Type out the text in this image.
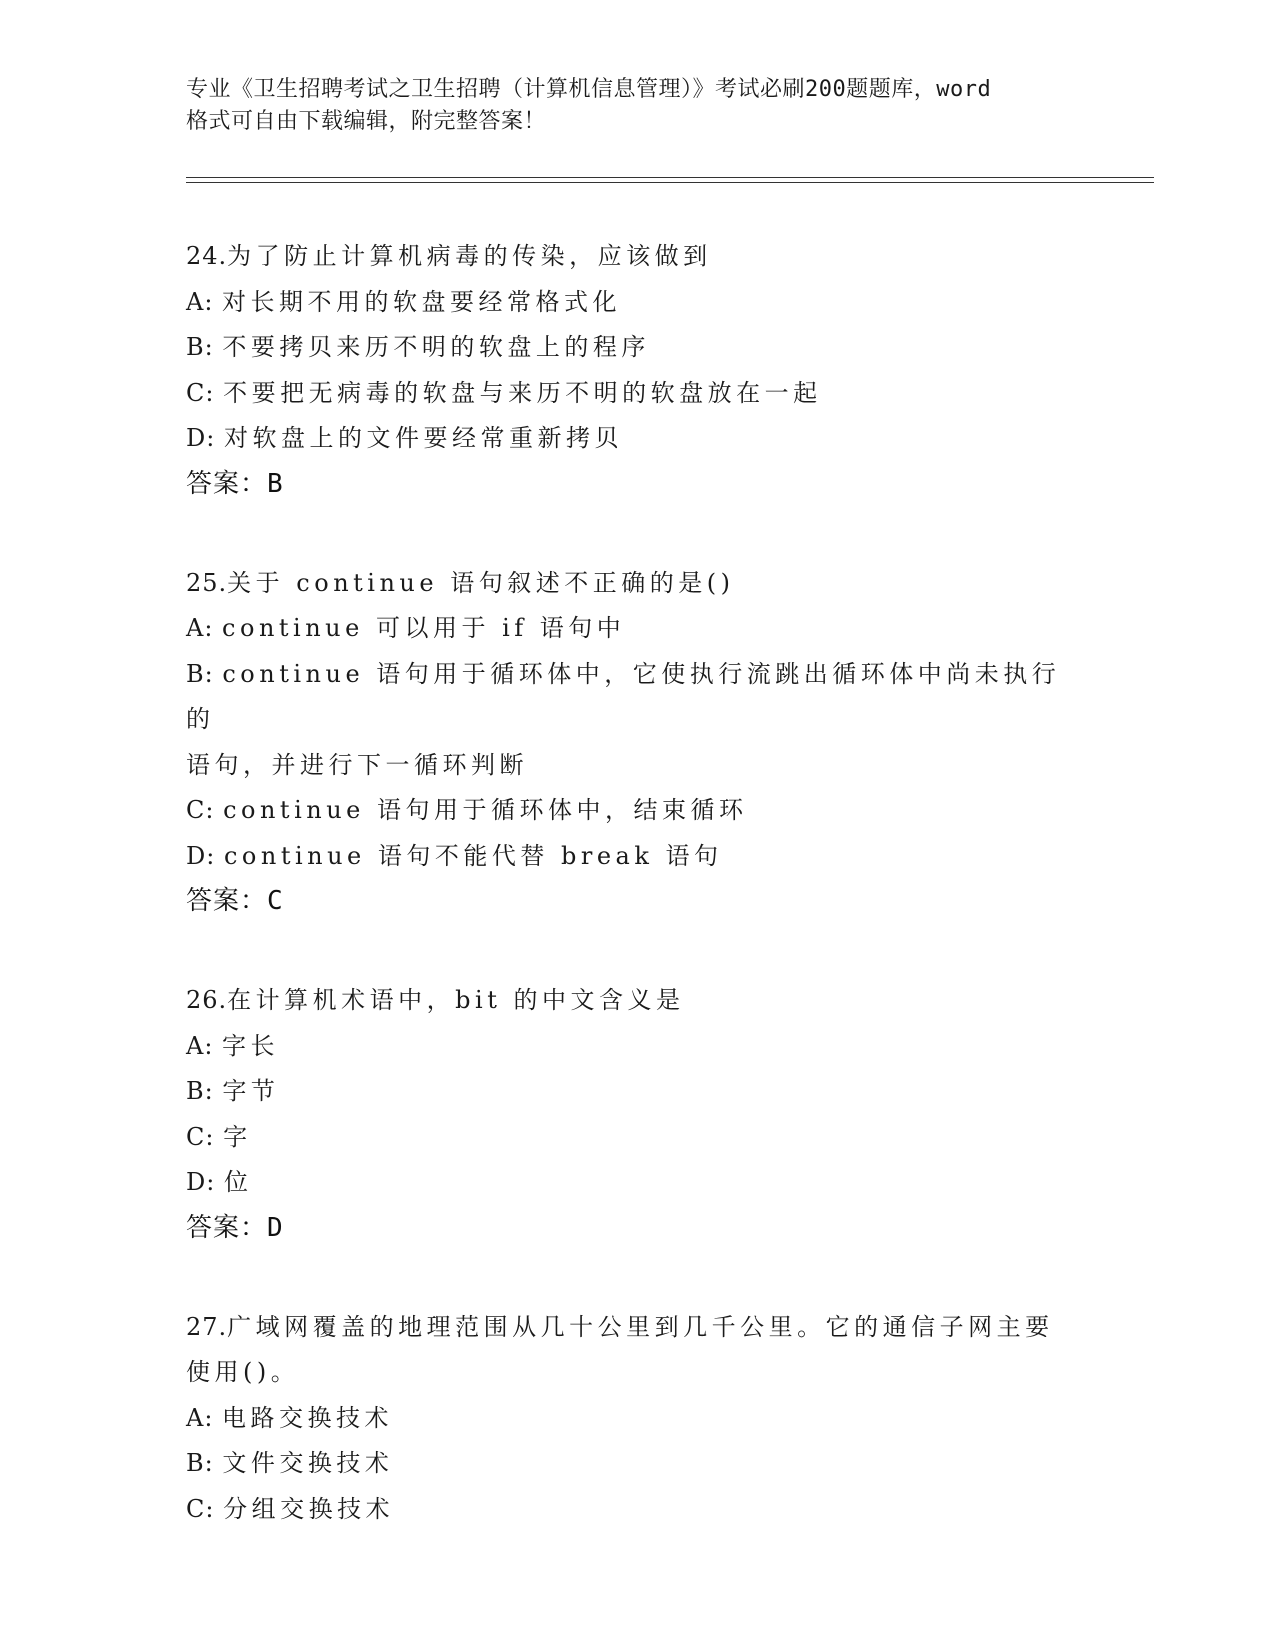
专业《卫生招聘考试之卫生招聘（计算机信息管理）》考试必刷200题题库，word
格式可自由下载编辑，附完整答案！
24.为了防止计算机病毒的传染，应该做到
A: 对长期不用的软盘要经常格式化
B: 不要拷贝来历不明的软盘上的程序
C: 不要把无病毒的软盘与来历不明的软盘放在一起
D: 对软盘上的文件要经常重新拷贝
答案：B
25.关于 continue 语句叙述不正确的是()
A: continue 可以用于 if 语句中
B: continue 语句用于循环体中，它使执行流跳出循环体中尚未执行的
语句，并进行下一循环判断
C: continue 语句用于循环体中，结束循环
D: continue 语句不能代替 break 语句
答案：C
26.在计算机术语中，bit 的中文含义是
A: 字长
B: 字节
C: 字
D: 位
答案：D
27.广域网覆盖的地理范围从几十公里到几千公里。它的通信子网主要
使用()。
A: 电路交换技术
B: 文件交换技术
C: 分组交换技术
